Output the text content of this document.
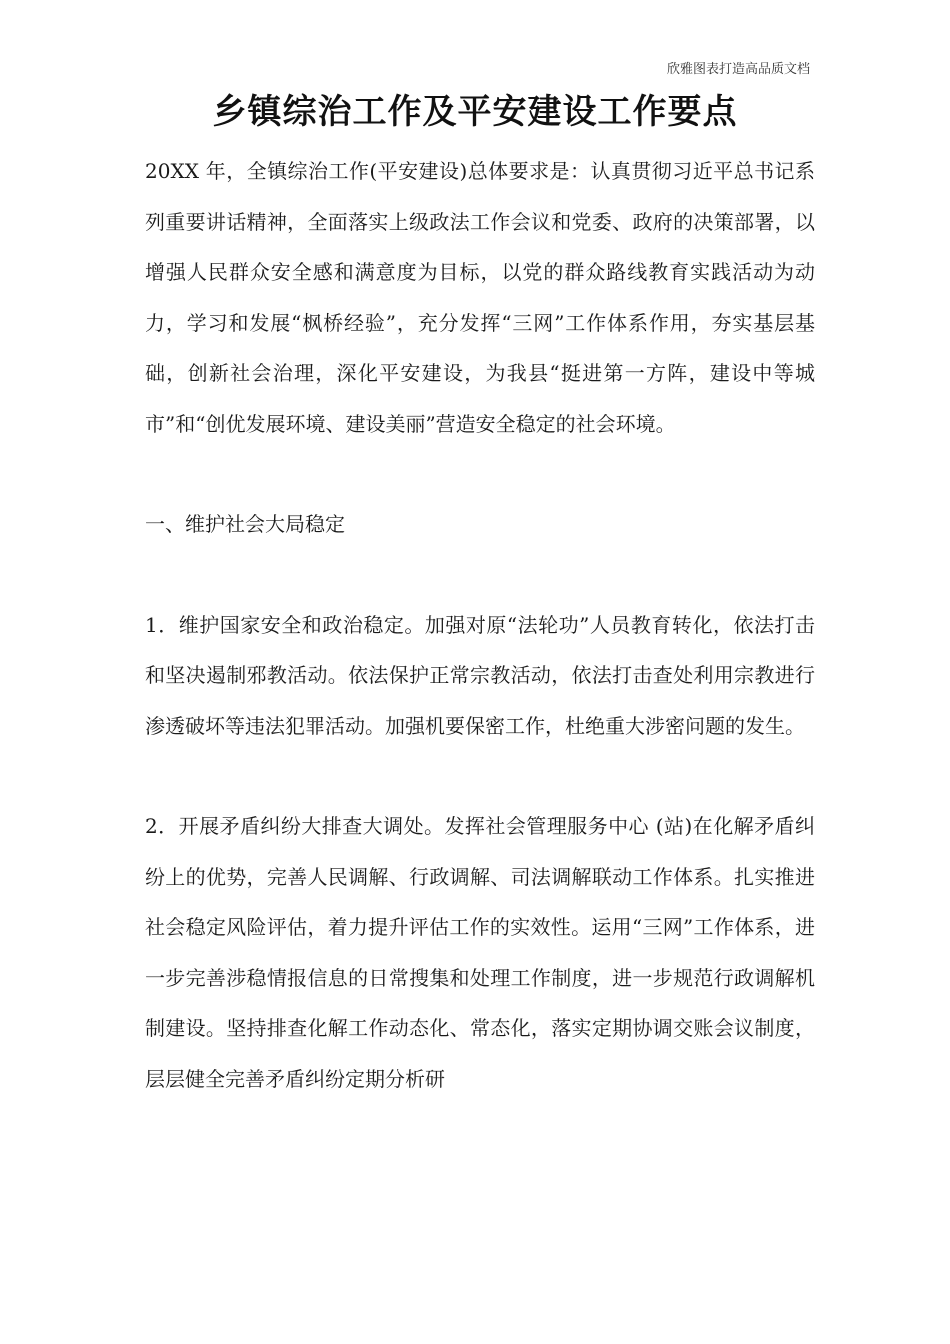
欣雅图表打造高品质文档
乡镇综治工作及平安建设工作要点

20XX 年，全镇综治工作(平安建设)总体要求是：认真贯彻习近平总书记系列重要讲话精神，全面落实上级政法工作会议和党委、政府的决策部署，以增强人民群众安全感和满意度为目标，以党的群众路线教育实践活动为动力，学习和发展“枫桥经验”，充分发挥“三网”工作体系作用，夯实基层基础，创新社会治理，深化平安建设，为我县“挺进第一方阵，建设中等城市”和“创优发展环境、建设美丽”营造安全稳定的社会环境。

一、维护社会大局稳定

1．维护国家安全和政治稳定。加强对原“法轮功”人员教育转化，依法打击和坚决遏制邪教活动。依法保护正常宗教活动，依法打击查处利用宗教进行渗透破坏等违法犯罪活动。加强机要保密工作，杜绝重大涉密问题的发生。

2．开展矛盾纠纷大排查大调处。发挥社会管理服务中心 (站)在化解矛盾纠纷上的优势，完善人民调解、行政调解、司法调解联动工作体系。扎实推进社会稳定风险评估，着力提升评估工作的实效性。运用“三网”工作体系，进一步完善涉稳情报信息的日常搜集和处理工作制度，进一步规范行政调解机制建设。坚持排查化解工作动态化、常态化，落实定期协调交账会议制度，层层健全完善矛盾纠纷定期分析研
